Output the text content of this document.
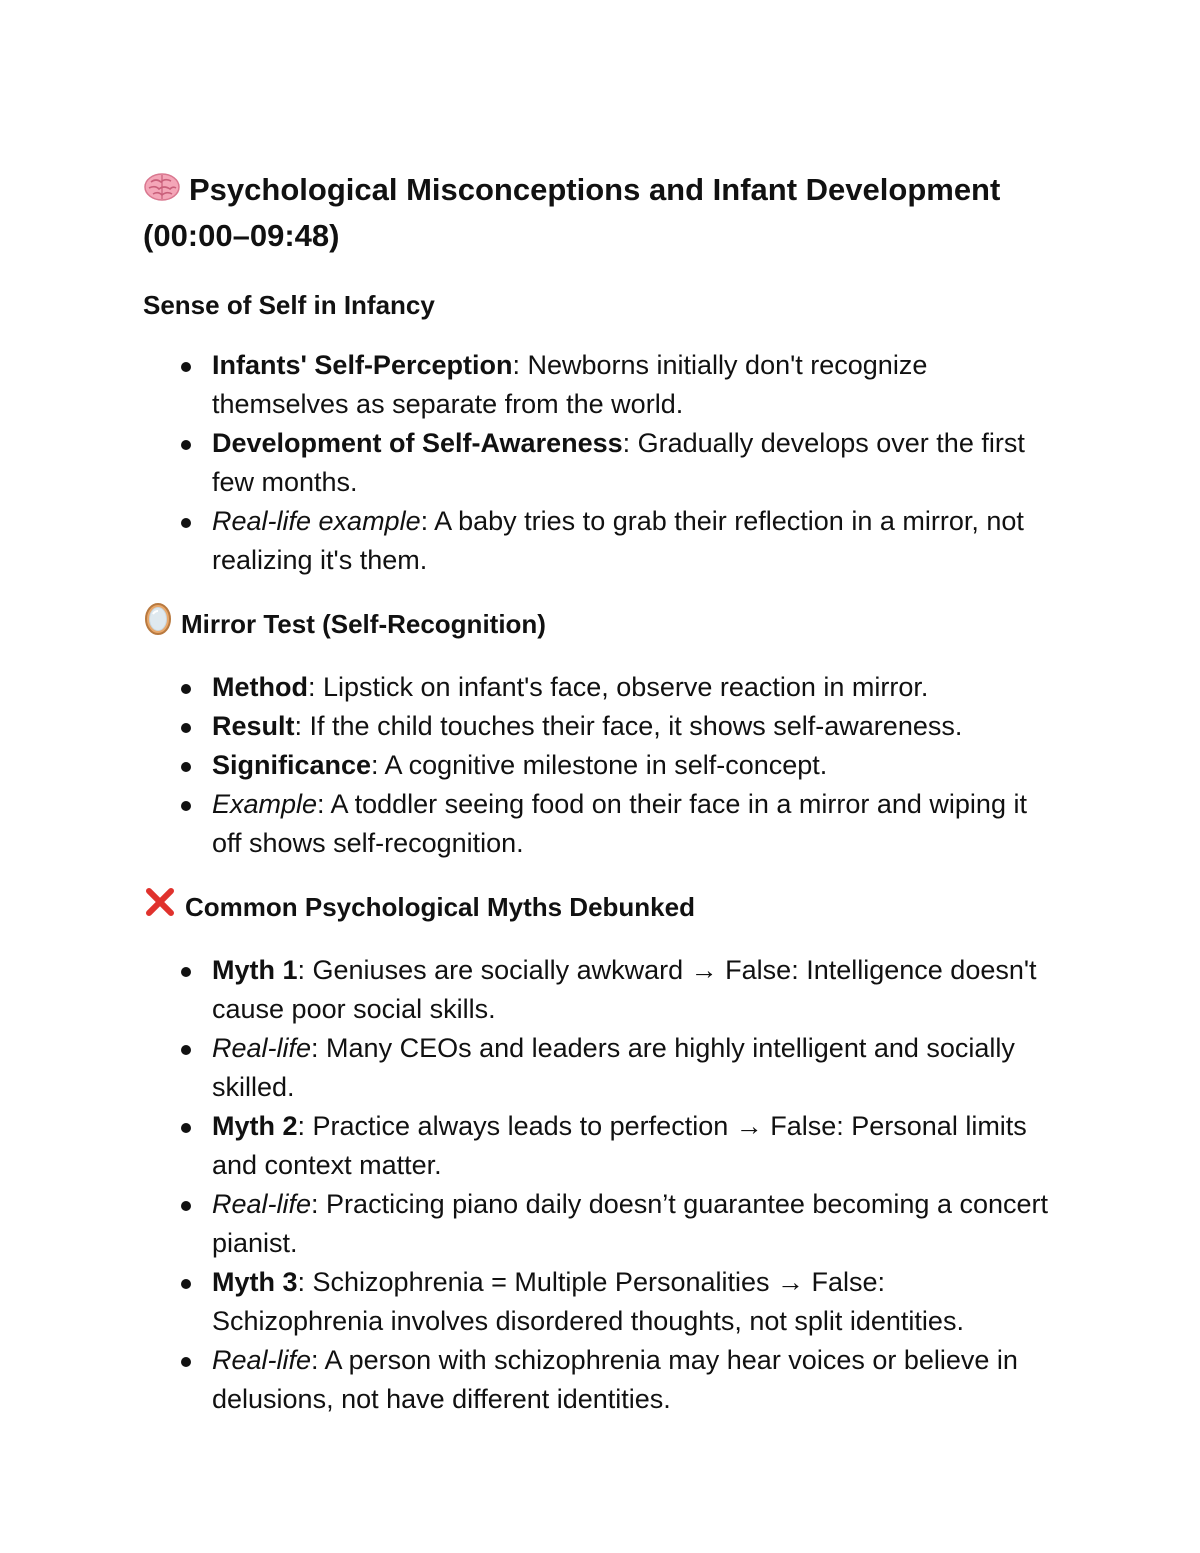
Psychological Misconceptions and Infant Development (00:00–09:48)
Sense of Self in Infancy
Infants' Self-Perception: Newborns initially don't recognize themselves as separate from the world.
Development of Self-Awareness: Gradually develops over the first few months.
Real-life example: A baby tries to grab their reflection in a mirror, not realizing it's them.
Mirror Test (Self-Recognition)
Method: Lipstick on infant's face, observe reaction in mirror.
Result: If the child touches their face, it shows self-awareness.
Significance: A cognitive milestone in self-concept.
Example: A toddler seeing food on their face in a mirror and wiping it off shows self-recognition.
Common Psychological Myths Debunked
Myth 1: Geniuses are socially awkward → False: Intelligence doesn't cause poor social skills.
Real-life: Many CEOs and leaders are highly intelligent and socially skilled.
Myth 2: Practice always leads to perfection → False: Personal limits and context matter.
Real-life: Practicing piano daily doesn’t guarantee becoming a concert pianist.
Myth 3: Schizophrenia = Multiple Personalities → False: Schizophrenia involves disordered thoughts, not split identities.
Real-life: A person with schizophrenia may hear voices or believe in delusions, not have different identities.
